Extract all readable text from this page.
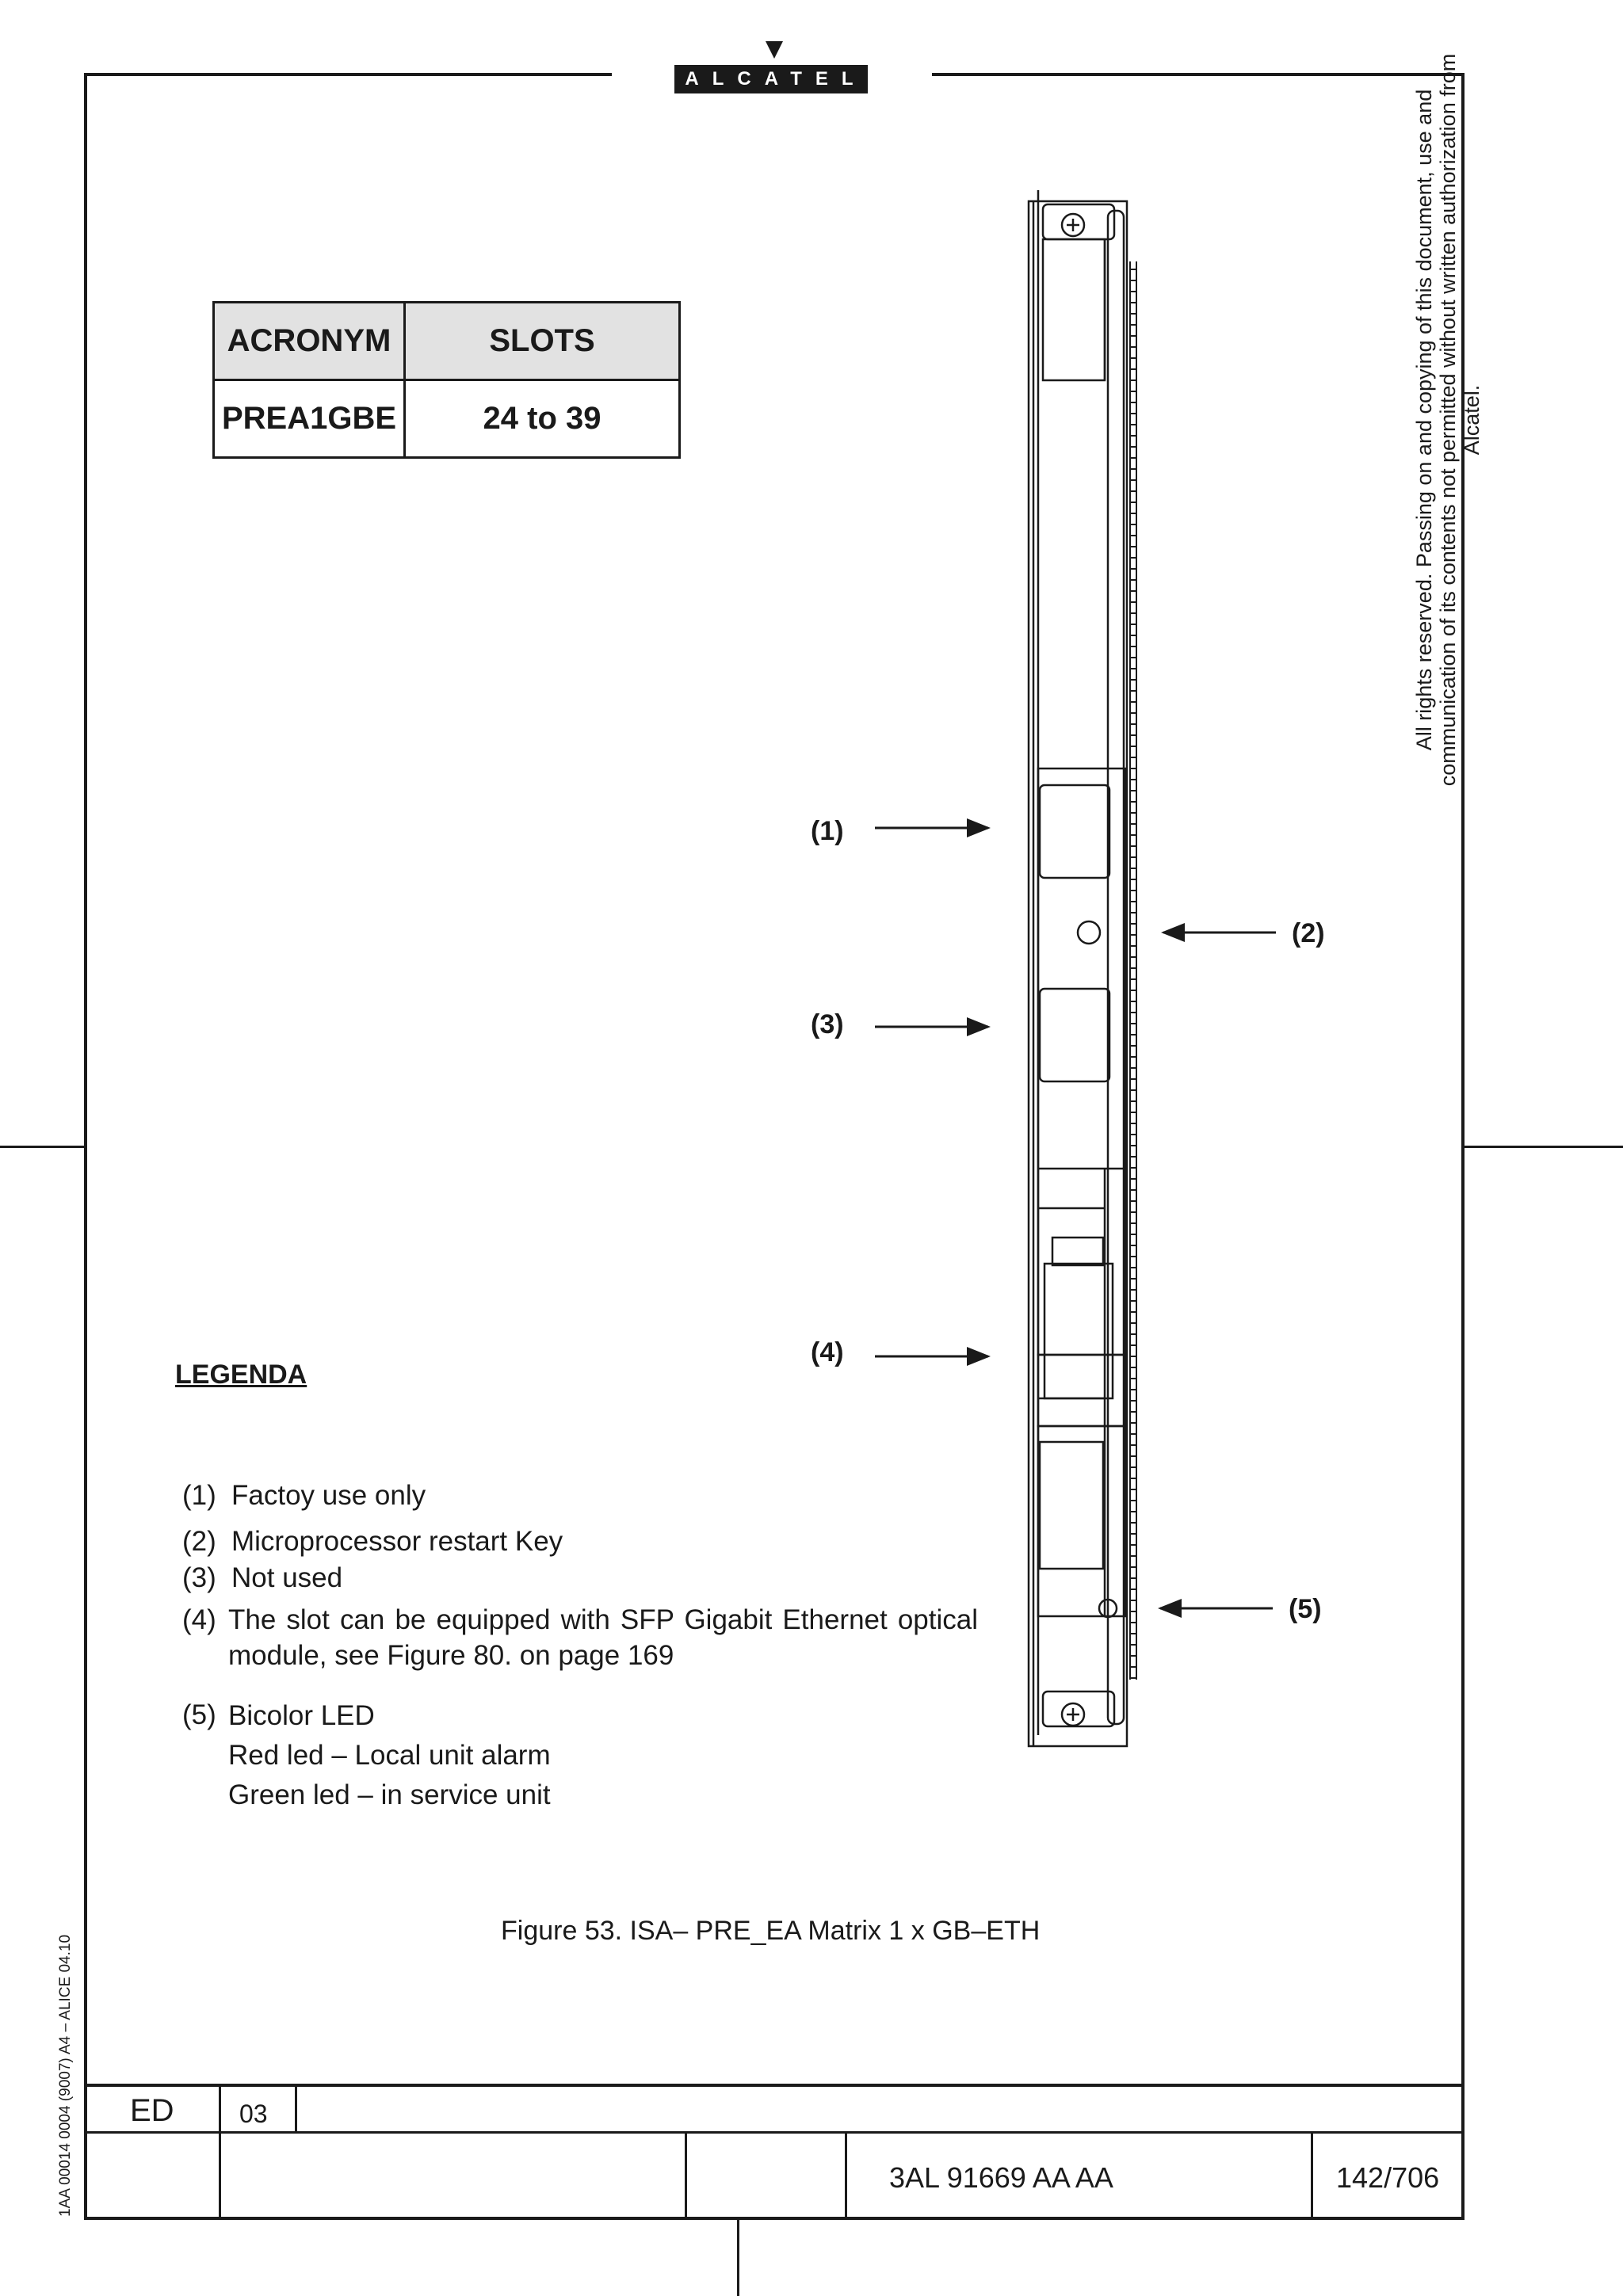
ALCATEL
ACRONYM	SLOTS
PREA1GBE	24 to 39
(1)
(2)
(3)
(4)
(5)
LEGENDA
(1) Factoy use only
(2) Microprocessor restart Key
(3) Not used
(4) The slot can be equipped with SFP Gigabit Ethernet optical
module, see Figure 80. on page 169
(5) Bicolor LED
Red led – Local unit alarm
Green led – in service unit
Figure 53. ISA– PRE_EA Matrix 1 x GB–ETH
All rights reserved. Passing on and copying of this document, use and communication of its contents not permitted without written authorization from Alcatel.
1AA 00014 0004 (9007) A4 – ALICE 04.10 ED	03
3AL 91669 AA AA	142/706
